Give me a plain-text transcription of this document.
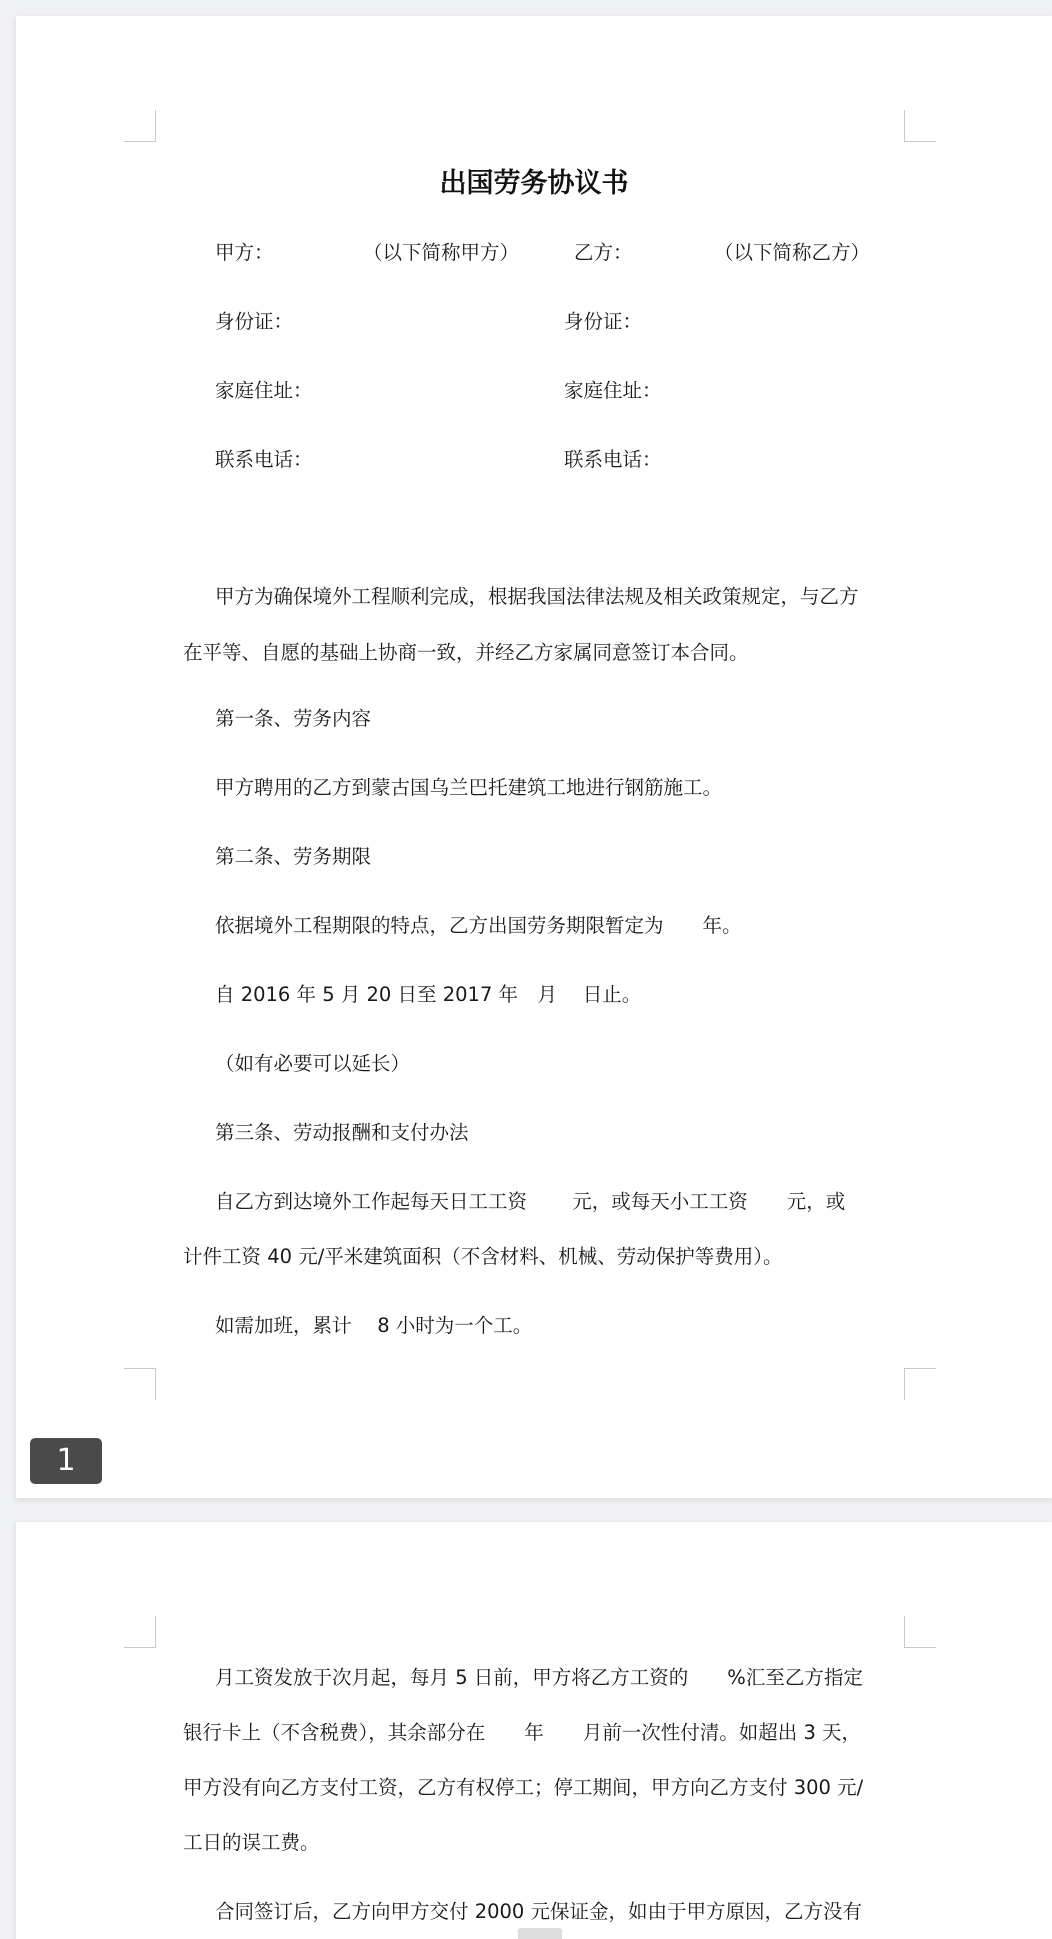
出国劳务协议书
甲方：	（以下简称甲方）	乙方：	（以下简称乙方）
身份证：	身份证：
家庭住址：	家庭住址：
联系电话：	联系电话：
甲方为确保境外工程顺利完成，根据我国法律法规及相关政策规定，与乙方
在平等、自愿的基础上协商一致，并经乙方家属同意签订本合同。
第一条、劳务内容
甲方聘用的乙方到蒙古国乌兰巴托建筑工地进行钢筋施工。
第二条、劳务期限
依据境外工程期限的特点，乙方出国劳务期限暂定为　　年。
自 2016 年 5 月 20 日至 2017 年　月　 日止。
（如有必要可以延长）
第三条、劳动报酬和支付办法
自乙方到达境外工作起每天日工工资　　 元，或每天小工工资　　元，或
计件工资 40 元/平米建筑面积（不含材料、机械、劳动保护等费用）。
如需加班，累计　 8 小时为一个工。
1
月工资发放于次月起，每月 5 日前，甲方将乙方工资的　　%汇至乙方指定
银行卡上（不含税费），其余部分在　　年　　月前一次性付清。如超出 3 天，
甲方没有向乙方支付工资，乙方有权停工；停工期间，甲方向乙方支付 300 元/
工日的误工费。
合同签订后，乙方向甲方交付 2000 元保证金，如由于甲方原因，乙方没有
